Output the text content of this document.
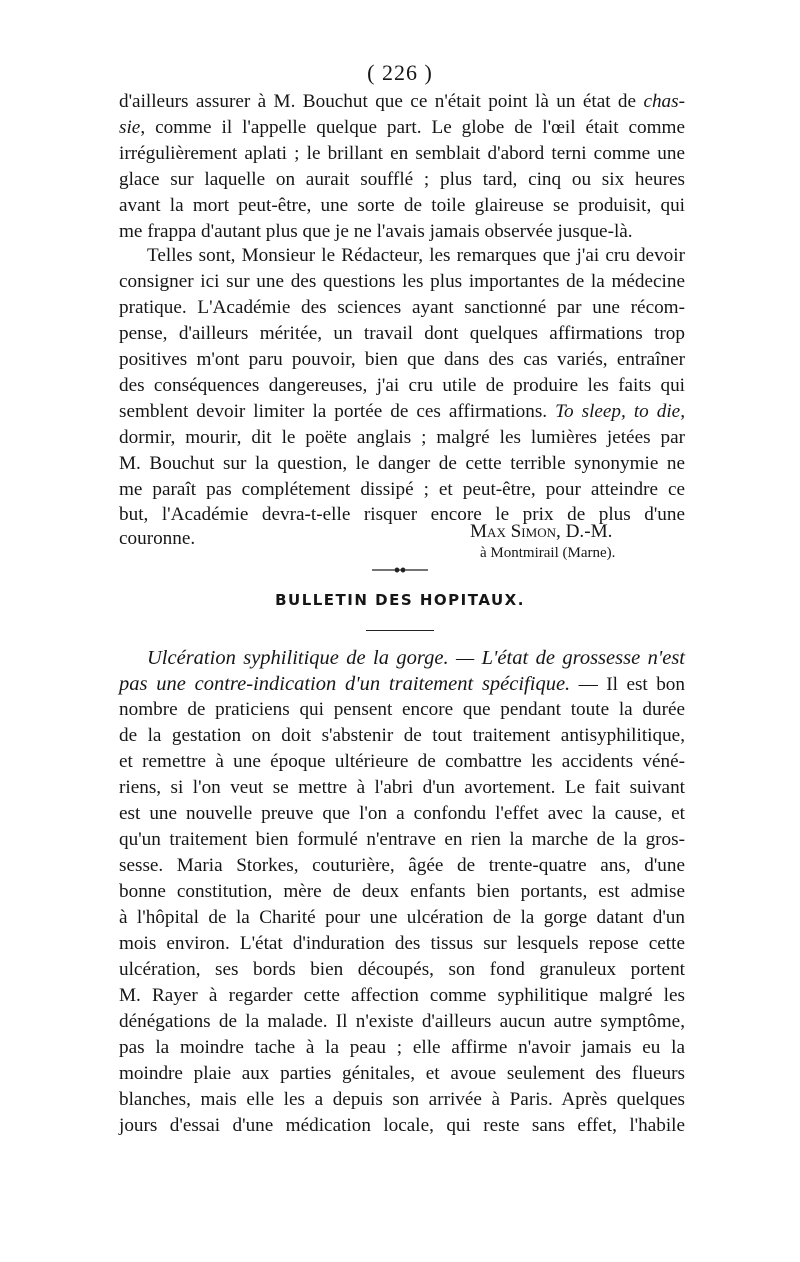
( 226 )
d'ailleurs assurer à M. Bouchut que ce n'était point là un état de chas-
sie, comme il l'appelle quelque part. Le globe de l'œil était comme
irrégulièrement aplati ; le brillant en semblait d'abord terni comme une
glace sur laquelle on aurait soufflé ; plus tard, cinq ou six heures
avant la mort peut-être, une sorte de toile glaireuse se produisit, qui
me frappa d'autant plus que je ne l'avais jamais observée jusque-là.
Telles sont, Monsieur le Rédacteur, les remarques que j'ai cru devoir
consigner ici sur une des questions les plus importantes de la médecine
pratique. L'Académie des sciences ayant sanctionné par une récom-
pense, d'ailleurs méritée, un travail dont quelques affirmations trop
positives m'ont paru pouvoir, bien que dans des cas variés, entraîner
des conséquences dangereuses, j'ai cru utile de produire les faits qui
semblent devoir limiter la portée de ces affirmations. To sleep, to die,
dormir, mourir, dit le poëte anglais ; malgré les lumières jetées par
M. Bouchut sur la question, le danger de cette terrible synonymie ne
me paraît pas complétement dissipé ; et peut-être, pour atteindre ce
but, l'Académie devra-t-elle risquer encore le prix de plus d'une
couronne.	Max Simon, D.-M.
à Montmirail (Marne).
BULLETIN DES HOPITAUX.
Ulcération syphilitique de la gorge. — L'état de grossesse n'est
pas une contre-indication d'un traitement spécifique. — Il est bon
nombre de praticiens qui pensent encore que pendant toute la durée
de la gestation on doit s'abstenir de tout traitement antisyphilitique,
et remettre à une époque ultérieure de combattre les accidents véné-
riens, si l'on veut se mettre à l'abri d'un avortement. Le fait suivant
est une nouvelle preuve que l'on a confondu l'effet avec la cause, et
qu'un traitement bien formulé n'entrave en rien la marche de la gros-
sesse. Maria Storkes, couturière, âgée de trente-quatre ans, d'une
bonne constitution, mère de deux enfants bien portants, est admise
à l'hôpital de la Charité pour une ulcération de la gorge datant d'un
mois environ. L'état d'induration des tissus sur lesquels repose cette
ulcération, ses bords bien découpés, son fond granuleux portent
M. Rayer à regarder cette affection comme syphilitique malgré les
dénégations de la malade. Il n'existe d'ailleurs aucun autre symptôme,
pas la moindre tache à la peau ; elle affirme n'avoir jamais eu la
moindre plaie aux parties génitales, et avoue seulement des flueurs
blanches, mais elle les a depuis son arrivée à Paris. Après quelques
jours d'essai d'une médication locale, qui reste sans effet, l'habile
